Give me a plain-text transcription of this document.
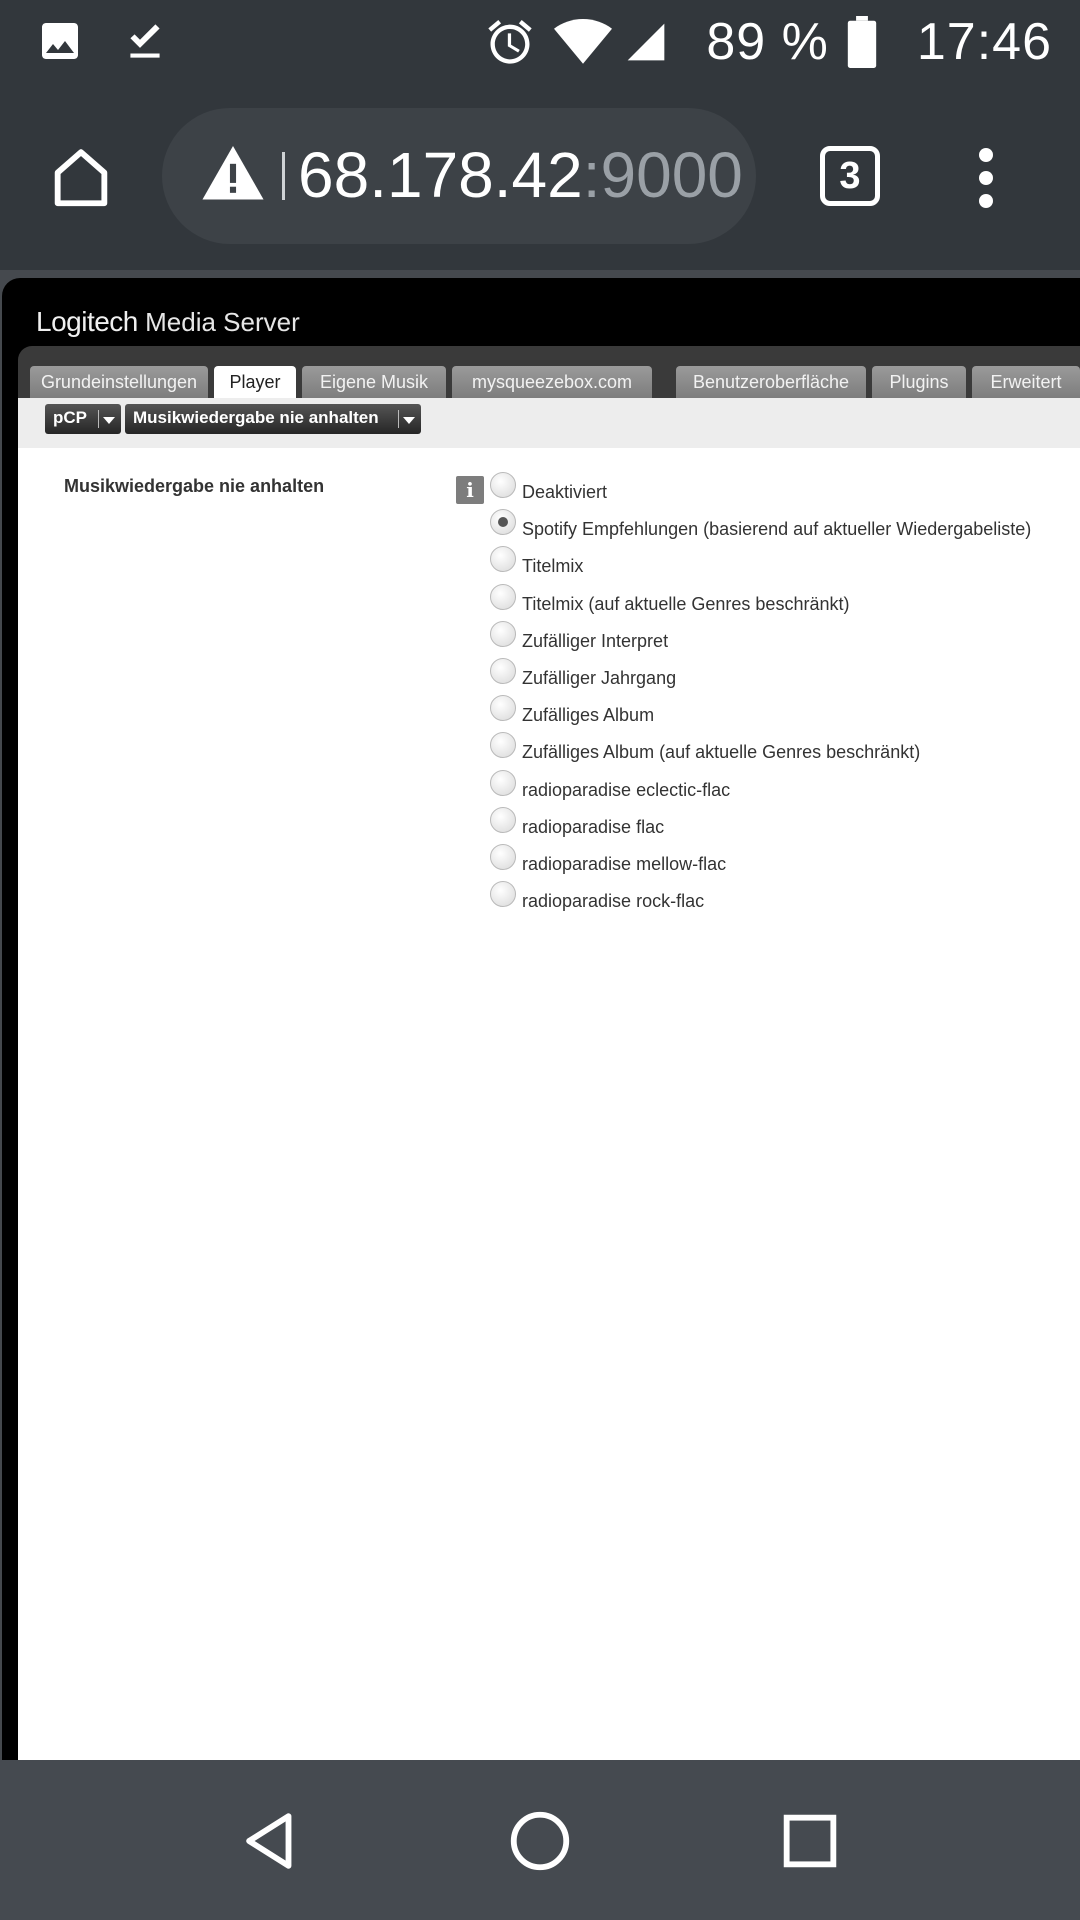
89 % 17:46
68.178.42:9000	3
Logitech Media Server
Grundeinstellungen	Player	Eigene Musik	mysqueezebox.com	Benutzeroberfläche	Plugins	Erweitert
pCP	Musikwiedergabe nie anhalten
Musikwiedergabe nie anhalten	i	Deaktiviert
Spotify Empfehlungen (basierend auf aktueller Wiedergabeliste)
Titelmix
Titelmix (auf aktuelle Genres beschränkt)
Zufälliger Interpret
Zufälliger Jahrgang
Zufälliges Album
Zufälliges Album (auf aktuelle Genres beschränkt)
radioparadise eclectic-flac
radioparadise flac
radioparadise mellow-flac
radioparadise rock-flac
